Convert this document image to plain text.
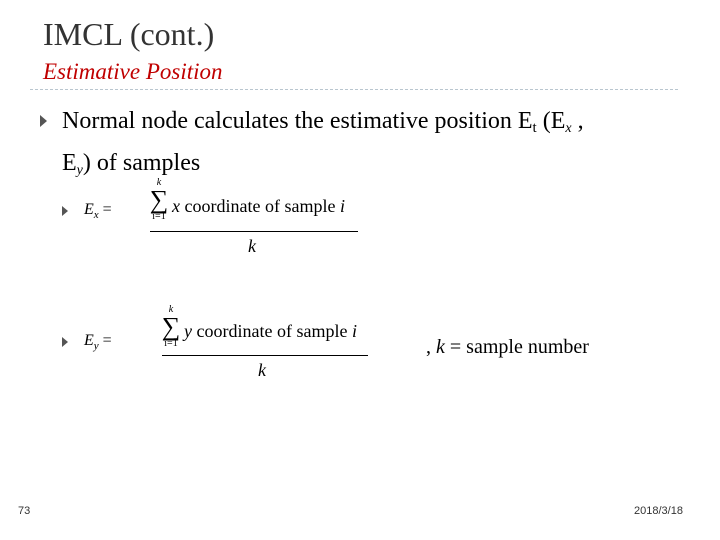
IMCL (cont.)
Estimative Position
Normal node calculates the estimative position $E_t$ (Ex ,
Ey) of samples
$E_x$ =
k
∑
i=1
x coordinate of sample i
k
$E_y$ =
k
∑
i=1
y coordinate of sample i
k
, k = sample number
73	2018/3/18
